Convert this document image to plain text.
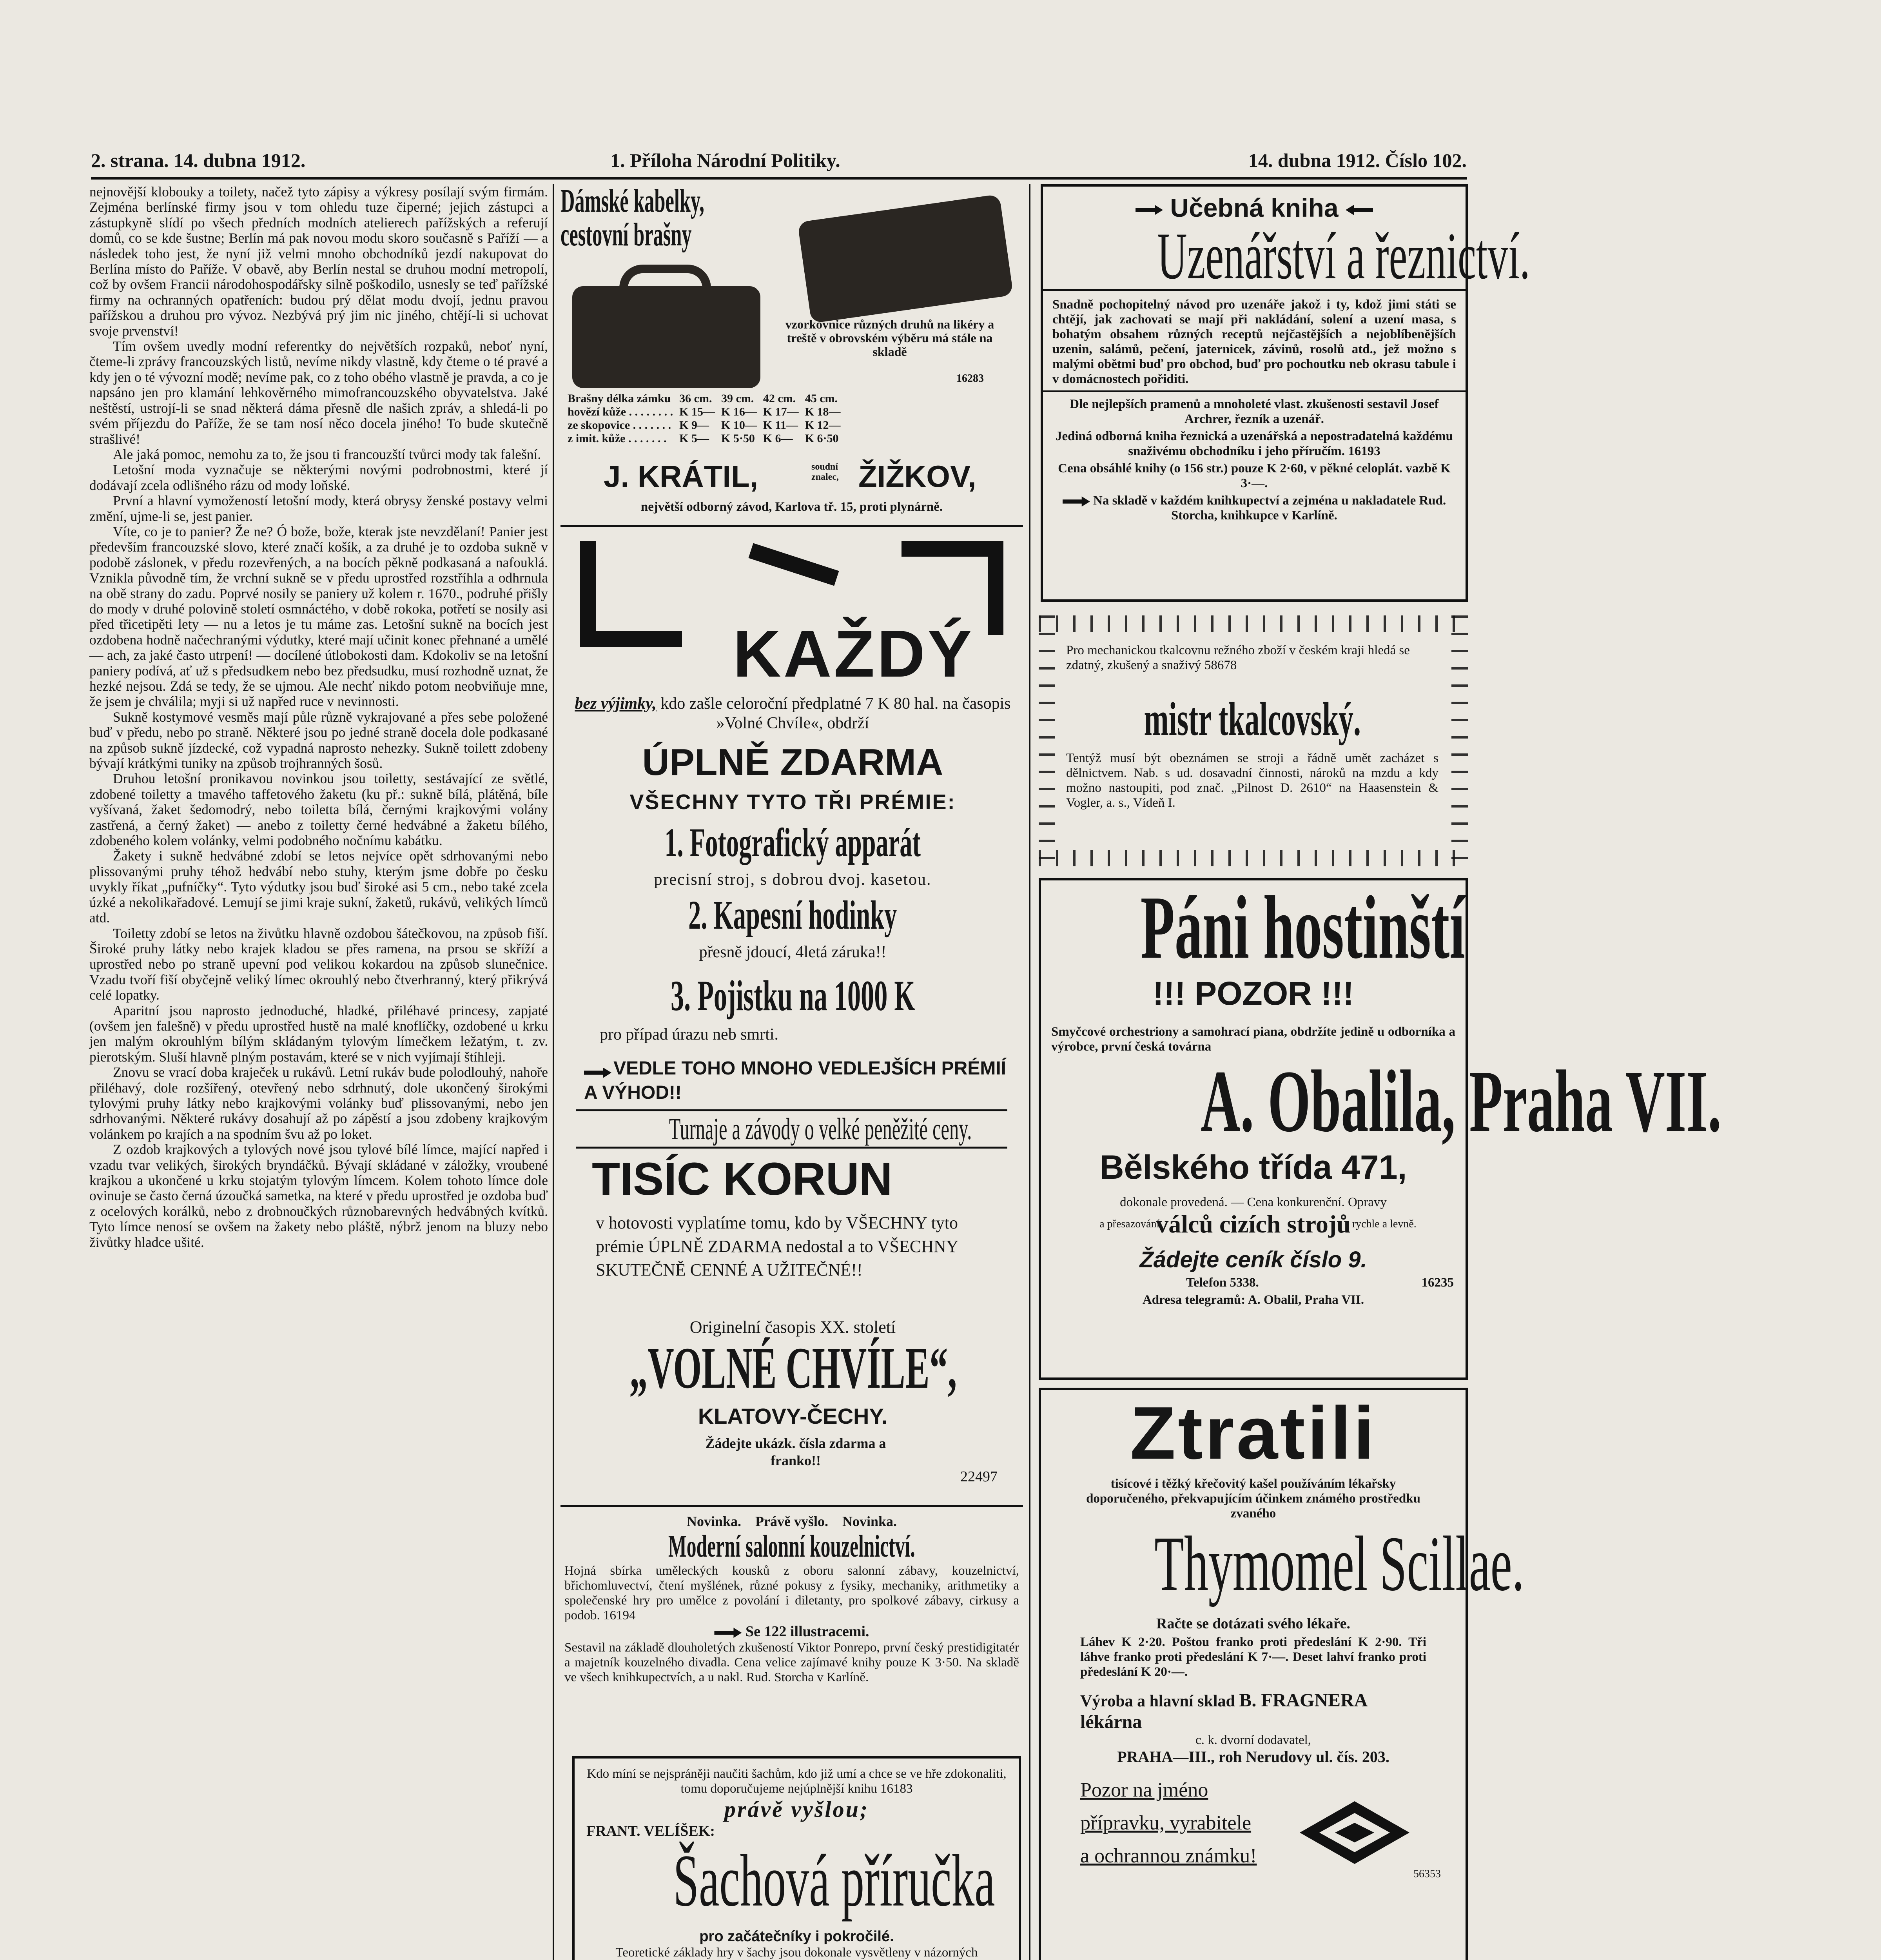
2. strana. 14. dubna 1912.	1. Příloha Národní Politiky.	14. dubna 1912. Číslo 102.

nejnovější klobouky a toilety, načež tyto zápisy a výkresy posílají svým firmám. Zejména berlínské firmy jsou v tom ohledu tuze čiperné; jejich zástupci a zástupkyně slídí po všech předních modních atelierech pařížských a referují domů, co se kde šustne; Berlín má pak novou modu skoro současně s Paříží — a následek toho jest, že nyní již velmi mnoho obchodníků jezdí nakupovat do Berlína místo do Paříže. V obavě, aby Berlín nestal se druhou modní metropolí, což by ovšem Francii národohospodářsky silně poškodilo, usnesly se teď pařížské firmy na ochranných opatřeních: budou prý dělat modu dvojí, jednu pravou pařížskou a druhou pro vývoz. Nezbývá prý jim nic jiného, chtějí-li si uchovat svoje prvenství!

Tím ovšem uvedly modní referentky do největších rozpaků, neboť nyní, čteme-li zprávy francouzských listů, nevíme nikdy vlastně, kdy čteme o té pravé a kdy jen o té vývozní modě; nevíme pak, co z toho obého vlastně je pravda, a co je napsáno jen pro klamání lehkověrného mimofrancouzského obyvatelstva. Jaké neštěstí, ustrojí-li se snad některá dáma přesně dle našich zpráv, a shledá-li po svém příjezdu do Paříže, že se tam nosí něco docela jiného! To bude skutečně strašlivé!

Ale jaká pomoc, nemohu za to, že jsou ti francouzští tvůrci mody tak falešní.

Letošní moda vyznačuje se některými novými podrobnostmi, které jí dodávají zcela odlišného rázu od mody loňské.

První a hlavní vymožeností letošní mody, která obrysy ženské postavy velmi změní, ujme-li se, jest panier.

Víte, co je to panier? Že ne? Ó bože, bože, kterak jste nevzdělaní! Panier jest především francouzské slovo, které značí košík, a za druhé je to ozdoba sukně v podobě záslonek, v předu rozevřených, a na bocích pěkně podkasaná a nafouklá. Vznikla původně tím, že vrchní sukně se v předu uprostřed rozstříhla a odhrnula na obě strany do zadu. Poprvé nosily se paniery už kolem r. 1670., podruhé přišly do mody v druhé polovině století osmnáctého, v době rokoka, potřetí se nosily asi před třicetipěti lety — nu a letos je tu máme zas. Letošní sukně na bocích jest ozdobena hodně načechranými výdutky, které mají učinit konec přehnané a umělé — ach, za jaké často utrpení! — docílené útlobokosti dam. Kdokoliv se na letošní paniery podívá, ať už s předsudkem nebo bez předsudku, musí rozhodně uznat, že hezké nejsou. Zdá se tedy, že se ujmou. Ale nechť nikdo potom neobviňuje mne, že jsem je chválila; myji si už napřed ruce v nevinnosti.

Sukně kostymové vesměs mají půle různě vykrajované a přes sebe položené buď v předu, nebo po straně. Některé jsou po jedné straně docela dole podkasané na způsob sukně jízdecké, což vypadná naprosto nehezky. Sukně toilett zdobeny bývají krátkými tuniky na způsob trojhranných šosů.

Druhou letošní pronikavou novinkou jsou toiletty, sestávající ze světlé, zdobené toiletty a tmavého taffetového žaketu (ku př.: sukně bílá, plátěná, bíle vyšívaná, žaket šedomodrý, nebo toiletta bílá, černými krajkovými volány zastřená, a černý žaket) — anebo z toiletty černé hedvábné a žaketu bílého, zdobeného kolem volánky, velmi podobného nočnímu kabátku.

Žakety i sukně hedvábné zdobí se letos nejvíce opět sdrhovanými nebo plissovanými pruhy téhož hedvábí nebo stuhy, kterým jsme dobře po česku uvykly říkat „pufníčky“. Tyto výdutky jsou buď široké asi 5 cm., nebo také zcela úzké a nekolikařadové. Lemují se jimi kraje sukní, žaketů, rukávů, velikých límců atd.

Toiletty zdobí se letos na živůtku hlavně ozdobou šátečkovou, na způsob fiší. Široké pruhy látky nebo krajek kladou se přes ramena, na prsou se skříží a uprostřed nebo po straně upevní pod velikou kokardou na způsob slunečnice. Vzadu tvoří fiší obyčejně veliký límec okrouhlý nebo čtverhranný, který přikrývá celé lopatky.

Aparitní jsou naprosto jednoduché, hladké, přiléhavé princesy, zapjaté (ovšem jen falešně) v předu uprostřed hustě na malé knoflíčky, ozdobené u krku jen malým okrouhlým bílým skládaným tylovým límečkem ležatým, t. zv. pierotským. Sluší hlavně plným postavám, které se v nich vyjímají štíhleji.

Znovu se vrací doba kraječek u rukávů. Letní rukáv bude polodlouhý, nahoře přiléhavý, dole rozšířený, otevřený nebo sdrhnutý, dole ukončený širokými tylovými pruhy látky nebo krajkovými volánky buď plissovanými, nebo jen sdrhovanými. Některé rukávy dosahují až po zápěstí a jsou zdobeny krajkovým volánkem po krajích a na spodním švu až po loket.

Z ozdob krajkových a tylových nové jsou tylové bílé límce, mající napřed i vzadu tvar velikých, širokých bryndáčků. Bývají skládané v záložky, vroubené krajkou a ukončené u krku stojatým tylovým límcem. Kolem tohoto límce dole ovinuje se často černá úzoučká sametka, na které v předu uprostřed je ozdoba buď z ocelových korálků, nebo z drobnoučkých různobarevných hedvábných kvítků. Tyto límce nenosí se ovšem na žakety nebo pláště, nýbrž jenom na bluzy nebo živůtky hladce ušité.

Dámské kabelky,
cestovní brašny
vzorkovnice různých druhů na likéry a treště v obrovském výběru má stále na skladě
16283
Brašny délka zámku	36 cm.	39 cm.	42 cm.	45 cm.
hovězí kůže . . . . . . . .	K 15—	K 16—	K 17—	K 18—
ze skopovice . . . . . . .	K 9—	K 10—	K 11—	K 12—
z imit. kůže . . . . . . .	K 5—	K 5·50	K 6—	K 6·50
J. KRÁTIL,	soudní znalec, ŽIŽKOV,
největší odborný závod, Karlova tř. 15, proti plynárně.
KAŽDÝ
bez výjimky, kdo zašle celoroční předplatné 7 K 80 hal. na časopis »Volné Chvíle«, obdrží
ÚPLNĚ ZDARMA
VŠECHNY TYTO TŘI PRÉMIE:
1. Fotografický apparát
precisní stroj, s dobrou dvoj. kasetou.
2. Kapesní hodinky
přesně jdoucí, 4letá záruka!!
3. Pojistku na 1000 K
pro případ úrazu neb smrti.
VEDLE TOHO MNOHO VEDLEJŠÍCH PRÉMIÍ A VÝHOD!!
Turnaje a závody o velké peněžité ceny.
TISÍC KORUN
v hotovosti vyplatíme tomu, kdo by VŠECHNY tyto prémie ÚPLNĚ ZDARMA nedostal a to VŠECHNY SKUTEČNĚ CENNÉ A UŽITEČNÉ!!
Originelní časopis XX. století
„VOLNÉ CHVÍLE“,
KLATOVY-ČECHY.
Žádejte ukázk. čísla zdarma a franko!!
22497
Novinka.    Právě vyšlo.    Novinka.
Moderní salonní kouzelnictví.
Hojná sbírka uměleckých kousků z oboru salonní zábavy, kouzelnictví, břichomluvectví, čtení myšlének, různé pokusy z fysiky, mechaniky, arithmetiky a společenské hry pro umělce z povolání i diletanty, pro spolkové zábavy, cirkusy a podob. 16194
Se 122 illustracemi.
Sestavil na základě dlouholetých zkušeností Viktor Ponrepo, první český prestidigitatér a majetník kouzelného divadla. Cena velice zajímavé knihy pouze K 3·50. Na skladě ve všech knihkupectvích, a u nakl. Rud. Storcha v Karlíně.
Kdo míní se nejspráněji naučiti šachům, kdo již umí a chce se ve hře zdokonaliti, tomu doporučujeme nejúplnější knihu 16183
právě vyšlou;
FRANT. VELÍŠEK:
Šachová příručka
pro začátečníky i pokročilé.
Teoretické základy hry v šachy jsou dokonale vysvětleny v názorných
Učebná kniha
Uzenářství a řeznictví.
Snadně pochopitelný návod pro uzenáře jakož i ty, kdož jimi státi se chtějí, jak zachovati se mají při nakládání, solení a uzení masa, s bohatým obsahem různých receptů nejčastějších a nejoblíbenějších uzenin, salámů, pečení, jaternicek, závinů, rosolů atd., jež možno s malými obětmi buď pro obchod, buď pro pochoutku neb okrasu tabule i v domácnostech pořiditi.
Dle nejlepších pramenů a mnoholeté vlast. zkušenosti sestavil Josef Archrer, řezník a uzenář.
Jediná odborná kniha řeznická a uzenářská a nepostradatelná každému snaživému obchodníku i jeho příručím. 16193
Cena obsáhlé knihy (o 156 str.) pouze K 2·60, v pěkné celoplát. vazbě K 3·—.
Na skladě v každém knihkupectví a zejména u nakladatele Rud. Storcha, knihkupce v Karlíně.
Pro mechanickou tkalcovnu režného zboží v českém kraji hledá se zdatný, zkušený a snaživý 58678
mistr tkalcovský.
Tentýž musí být obeznámen se stroji a řádně umět zacházet s dělnictvem. Nab. s ud. dosavadní činnosti, nároků na mzdu a kdy možno nastoupiti, pod znač. „Pilnost D. 2610“ na Haasenstein & Vogler, a. s., Vídeň I.
Páni hostinští
!!! POZOR !!!
Smyčcové orchestriony a samohrací piana, obdržíte jedině u odborníka a výrobce, první česká továrna
A. Obalila, Praha VII.
Bělského třída 471,
dokonale provedená. — Cena konkurenční. Opravy
a přesazování válců cizích strojů rychle a levně.
Žádejte ceník číslo 9.
Telefon 5338.	16235
Adresa telegramů: A. Obalil, Praha VII.
Ztratili
tisícové i těžký křečovitý kašel používáním lékařsky doporučeného, překvapujícím účinkem známého prostředku zvaného
Thymomel Scillae.
Račte se dotázati svého lékaře.
Láhev K 2·20. Poštou franko proti předeslání K 2·90. Tři láhve franko proti předeslání K 7·—. Deset lahví franko proti předeslání K 20·—.
Výroba a hlavní sklad B. FRAGNERA lékárna
c. k. dvorní dodavatel,
PRAHA—III., roh Nerudovy ul. čís. 203.
Pozor na jméno přípravku, vyrabitele a ochrannou známku!
56353
